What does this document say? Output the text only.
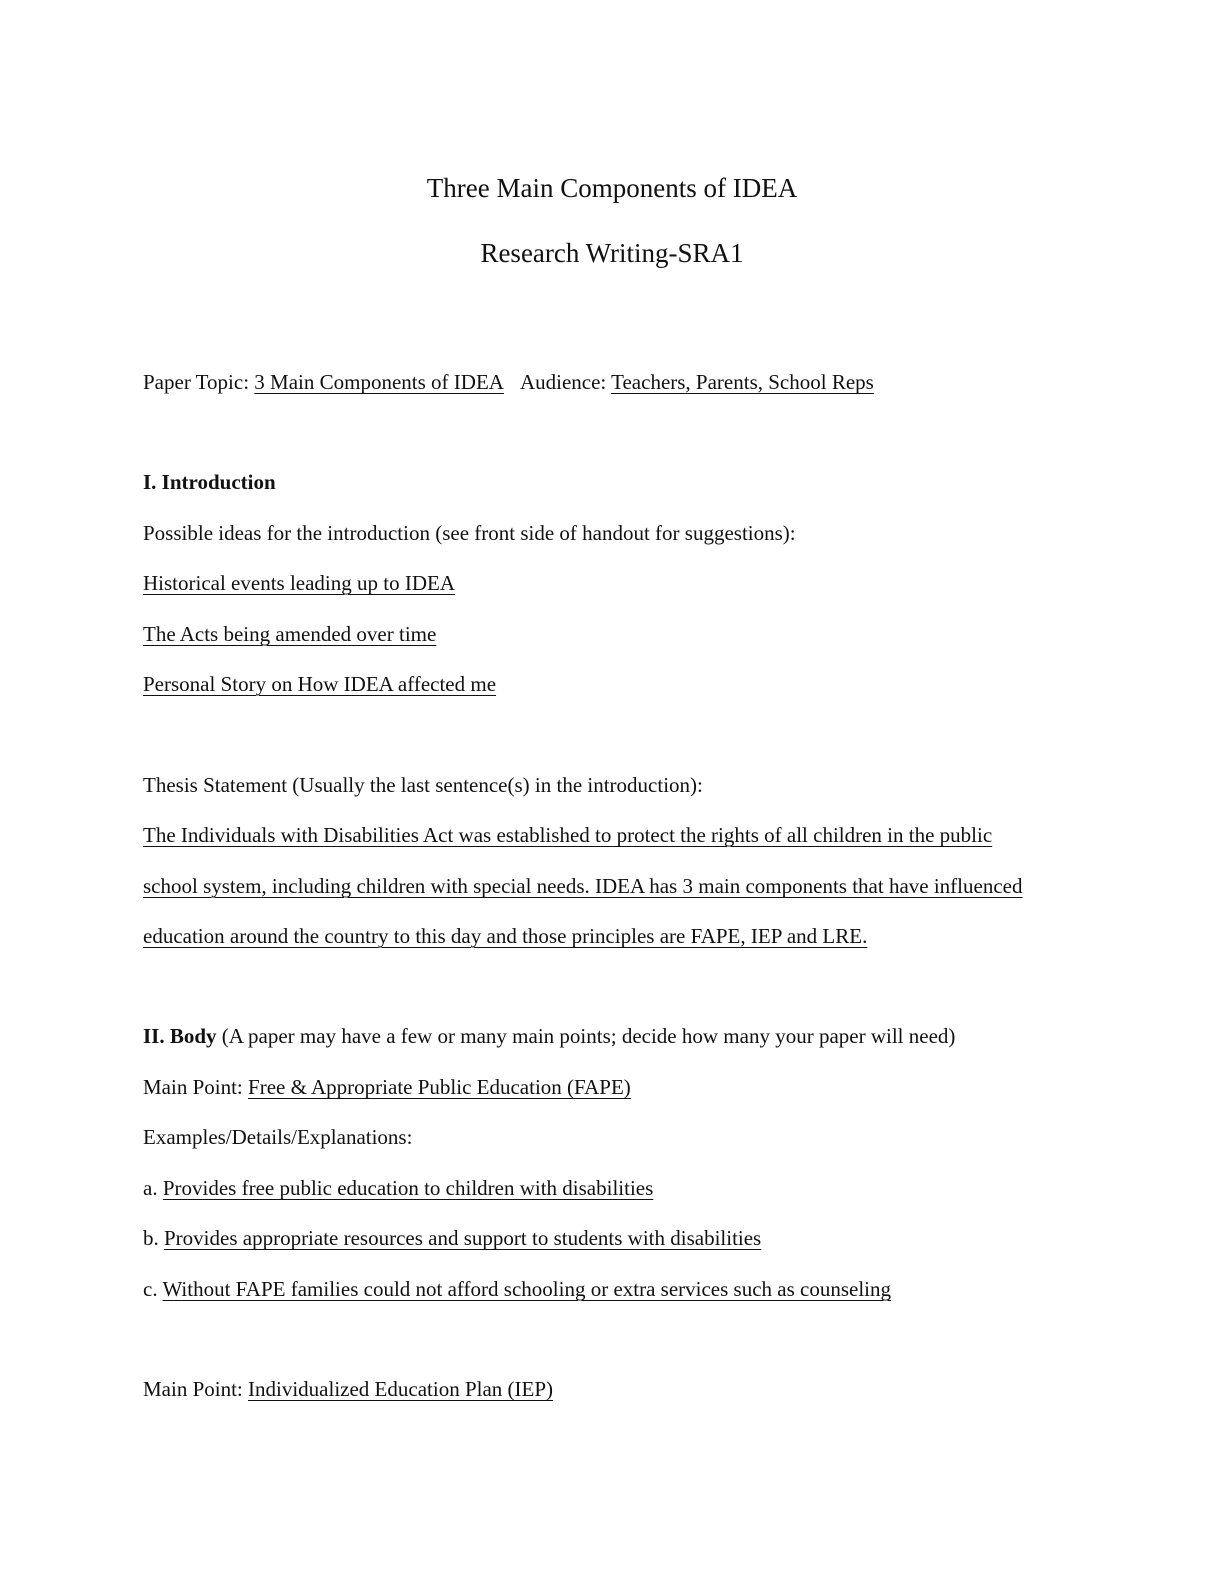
Three Main Components of IDEA
Research Writing-SRA1
Paper Topic: 3 Main Components of IDEA Audience: Teachers, Parents, School Reps
I. Introduction
Possible ideas for the introduction (see front side of handout for suggestions):
Historical events leading up to IDEA
The Acts being amended over time
Personal Story on How IDEA affected me
Thesis Statement (Usually the last sentence(s) in the introduction):
The Individuals with Disabilities Act was established to protect the rights of all children in the public
school system, including children with special needs. IDEA has 3 main components that have influenced
education around the country to this day and those principles are FAPE, IEP and LRE.
II. Body (A paper may have a few or many main points; decide how many your paper will need)
Main Point: Free & Appropriate Public Education (FAPE)
Examples/Details/Explanations:
a. Provides free public education to children with disabilities
b. Provides appropriate resources and support to students with disabilities
c. Without FAPE families could not afford schooling or extra services such as counseling
Main Point: Individualized Education Plan (IEP)
